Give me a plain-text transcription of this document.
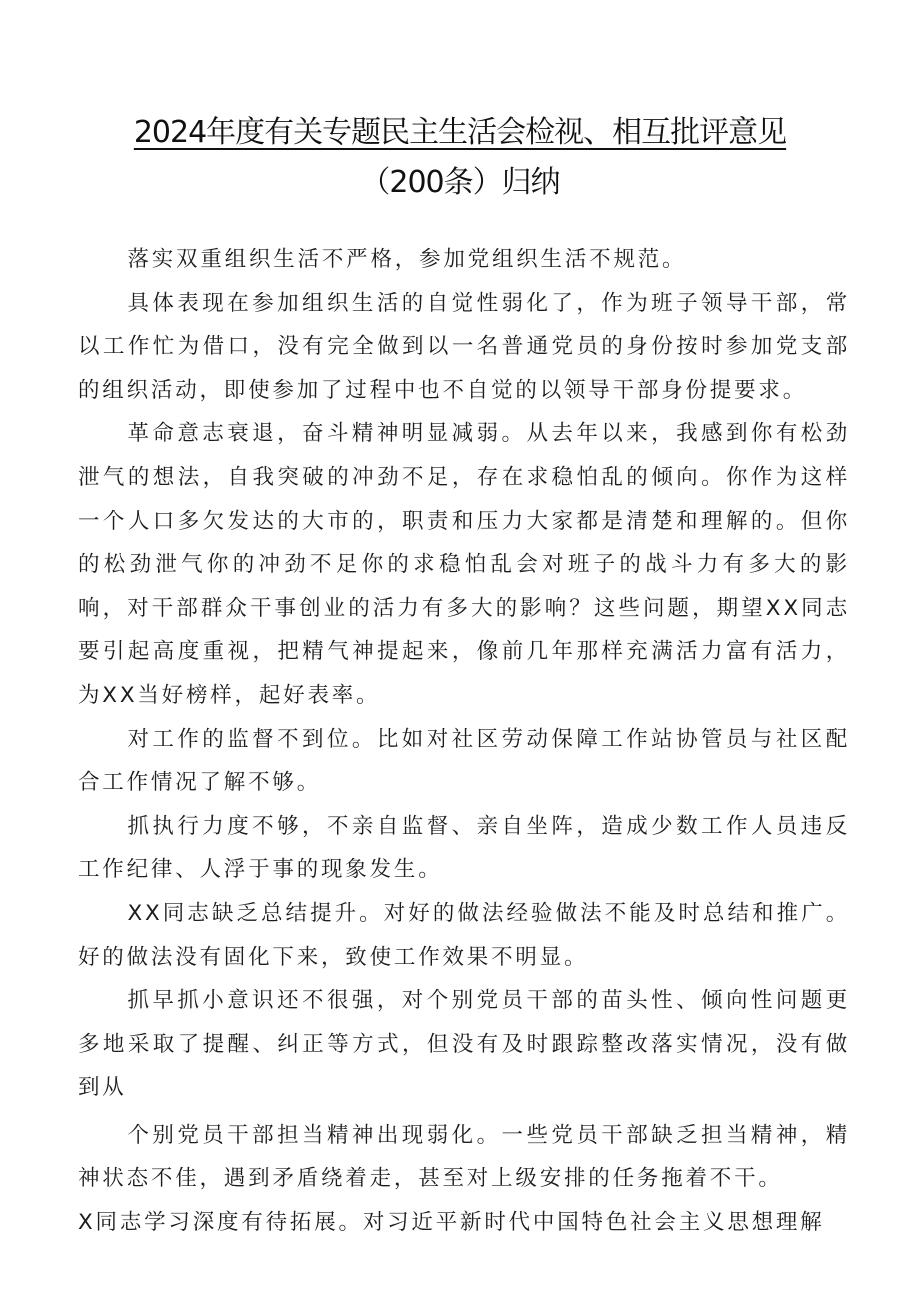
2024年度有关专题民主生活会检视、相互批评意见
（200条）归纳

落实双重组织生活不严格，参加党组织生活不规范。

具体表现在参加组织生活的自觉性弱化了，作为班子领导干部，常以工作忙为借口，没有完全做到以一名普通党员的身份按时参加党支部的组织活动，即使参加了过程中也不自觉的以领导干部身份提要求。

革命意志衰退，奋斗精神明显减弱。从去年以来，我感到你有松劲泄气的想法，自我突破的冲劲不足，存在求稳怕乱的倾向。你作为这样一个人口多欠发达的大市的，职责和压力大家都是清楚和理解的。但你的松劲泄气你的冲劲不足你的求稳怕乱会对班子的战斗力有多大的影响，对干部群众干事创业的活力有多大的影响？这些问题，期望XX同志要引起高度重视，把精气神提起来，像前几年那样充满活力富有活力，为XX当好榜样，起好表率。

对工作的监督不到位。比如对社区劳动保障工作站协管员与社区配合工作情况了解不够。

抓执行力度不够，不亲自监督、亲自坐阵，造成少数工作人员违反工作纪律、人浮于事的现象发生。

XX同志缺乏总结提升。对好的做法经验做法不能及时总结和推广。好的做法没有固化下来，致使工作效果不明显。

抓早抓小意识还不很强，对个别党员干部的苗头性、倾向性问题更多地采取了提醒、纠正等方式，但没有及时跟踪整改落实情况，没有做到从

个别党员干部担当精神出现弱化。一些党员干部缺乏担当精神，精神状态不佳，遇到矛盾绕着走，甚至对上级安排的任务拖着不干。

X同志学习深度有待拓展。对习近平新时代中国特色社会主义思想理解
